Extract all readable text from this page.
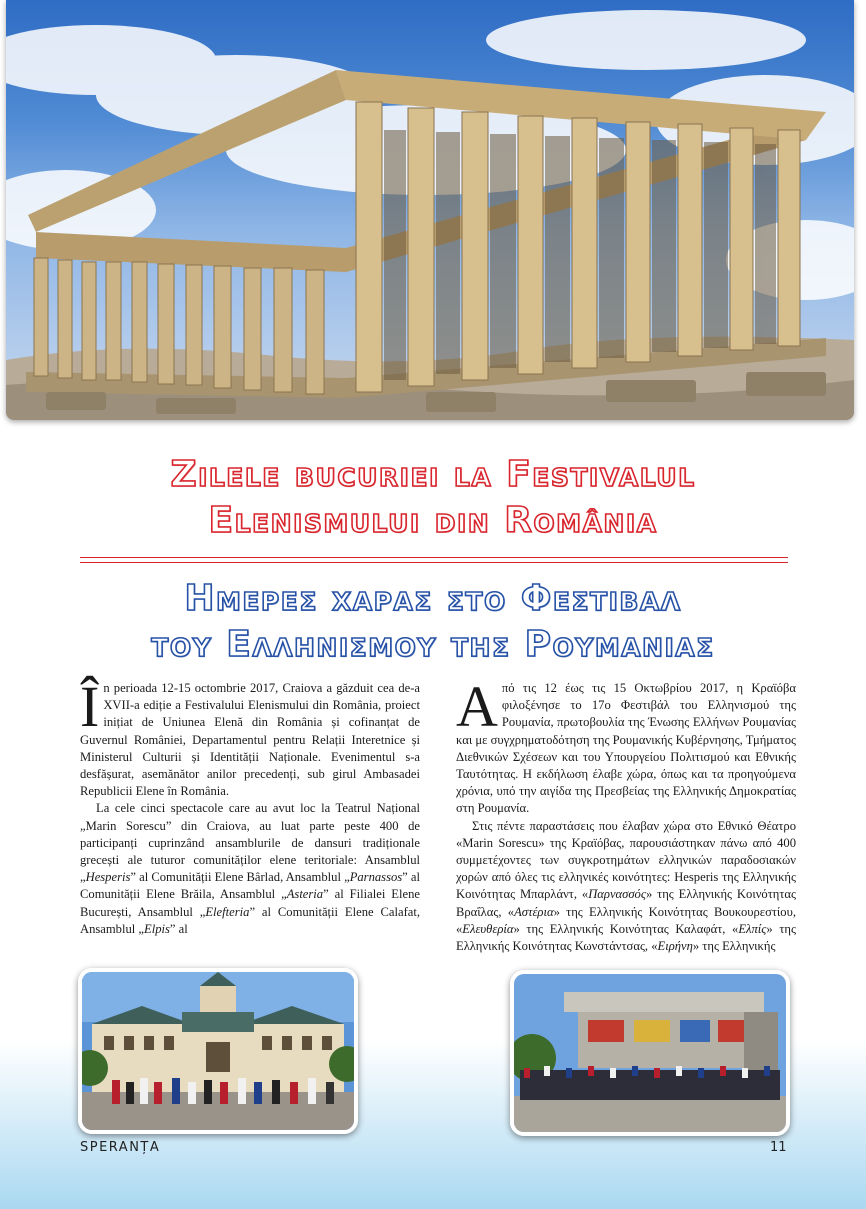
Zilele bucuriei la Festivalul
Elenismului din România
Ημερες χαρας στο Φεστιβαλ
του Ελληνισμου της Ρουμανιας

În perioada 12-15 octombrie 2017, Craiova a găzduit cea de-a XVII-a ediție a Festivalului Elenismului din România, proiect inițiat de Uniunea Elenă din România și cofinanțat de Guvernul României, Departamentul pentru Relații Interetnice și Ministerul Culturii și Identității Naționale. Evenimentul s-a desfășurat, asemănător anilor precedenți, sub girul Ambasadei Republicii Elene în România.

La cele cinci spectacole care au avut loc la Teatrul Național „Marin Sorescu” din Craiova, au luat parte peste 400 de participanți cuprinzând ansamblurile de dansuri tradiționale grecești ale tuturor comunităților elene teritoriale: Ansamblul „Hesperis” al Comunității Elene Bârlad, Ansamblul „Parnassos” al Comunității Elene Brăila, Ansamblul „Asteria” al Filialei Elene București, Ansamblul „Elefteria” al Comunității Elene Calafat, Ansamblul „Elpis” al

Από τις 12 έως τις 15 Οκτωβρίου 2017, η Κραϊόβα φιλοξένησε το 17ο Φεστιβάλ του Ελληνισμού της Ρουμανία, πρωτοβουλία της Ένωσης Ελλήνων Ρουμανίας και με συγχρηματοδότηση της Ρουμανικής Κυβέρνησης, Τμήματος Διεθνικών Σχέσεων και του Υπουργείου Πολιτισμού και Εθνικής Ταυτότητας. Η εκδήλωση έλαβε χώρα, όπως και τα προηγούμενα χρόνια, υπό την αιγίδα της Πρεσβείας της Ελληνικής Δημοκρατίας στη Ρουμανία.

Στις πέντε παραστάσεις που έλαβαν χώρα στο Εθνικό Θέατρο «Marin Sorescu» της Κραϊόβας, παρουσιάστηκαν πάνω από 400 συμμετέχοντες των συγκροτημάτων ελληνικών παραδοσιακών χορών από όλες τις ελληνικές κοινότητες: Hesperis της Ελληνικής Κοινότητας Μπαρλάντ, «Παρνασσός» της Ελληνικής Κοινότητας Βραΐλας, «Αστέρια» της Ελληνικής Κοινότητας Βουκουρεστίου, «Ελευθερία» της Ελληνικής Κοινότητας Καλαφάτ, «Ελπίς» της Ελληνικής Κοινότητας Κωνστάντσας, «Ειρήνη» της Ελληνικής

SPERANȚA	11
